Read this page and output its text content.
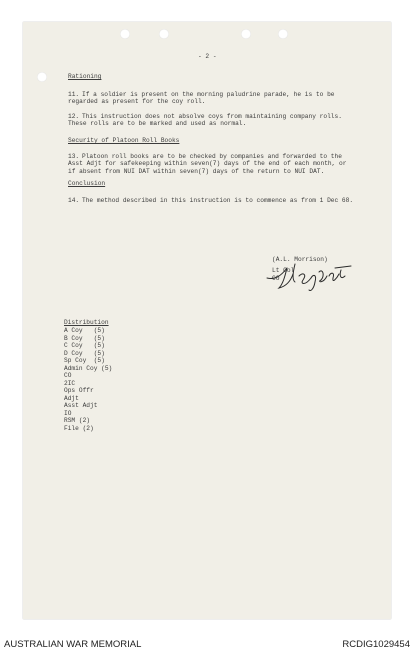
- 2 -

Rationing

11. If a soldier is present on the morning paludrine parade, he is to be
regarded as present for the coy roll.

12. This instruction does not absolve coys from maintaining company rolls.
These rolls are to be marked and used as normal.

Security of Platoon Roll Books

13. Platoon roll books are to be checked by companies and forwarded to the
Asst Adjt for safekeeping within seven(7) days of the end of each month, or
if absent from NUI DAT within seven(7) days of the return to NUI DAT.

Conclusion

14. The method described in this instruction is to commence as from 1 Dec 68.

(A.L. Morrison)

Lt Col

CO

Distribution

A Coy   (5)

B Coy   (5)

C Coy   (5)

D Coy   (5)

Sp Coy  (5)

Admin Coy (5)

CO

2IC

Ops Offr

Adjt

Asst Adjt

IO

RSM (2)

File (2)

AUSTRALIAN WAR MEMORIAL	RCDIG1029454
